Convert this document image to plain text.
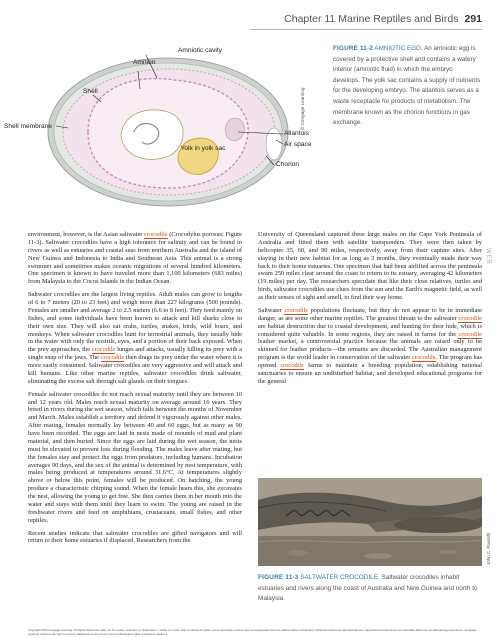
Chapter 11 Marine Reptiles and Birds 291
Amniotic cavity
Amnion
Shell
Shell membrane
Allantois
Air space
Chorion
Yolk in yolk sac
© Cengage Learning

FIGURE 11-2 AMNIOTIC EGG. An amniotic egg is covered by a protective shell and contains a watery interior (amniotic fluid) in which the embryo develops. The yolk sac contains a supply of nutrients for the developing embryo. The allantois serves as a waste receptacle for products of metabolism. The membrane known as the chorion functions in gas exchange.

environment, however, is the Asian saltwater crocodile (Crocodylus porosus; Figure 11-3). Saltwater crocodiles have a high tolerance for salinity and can be found in rivers as well as estuaries and coastal seas from northern Australia and the island of New Guinea and Indonesia to India and Southeast Asia. This animal is a strong swimmer and sometimes makes oceanic migrations of several hundred kilometers. One specimen is known to have traveled more than 1,100 kilometers (683 miles) from Malaysia to the Cocos Islands in the Indian Ocean.

Saltwater crocodiles are the largest living reptiles. Adult males can grow to lengths of 6 to 7 meters (20 to 23 feet) and weigh more than 227 kilograms (500 pounds). Females are smaller and average 2 to 2.5 meters (6.6 to 8 feet). They feed mainly on fishes, and some individuals have been known to attack and kill sharks close to their own size. They will also eat crabs, turtles, snakes, birds, wild boars, and monkeys. When saltwater crocodiles hunt for terrestrial animals, they usually hide in the water with only the nostrils, eyes, and a portion of their back exposed. When the prey approaches, the crocodile lunges and attacks, usually killing its prey with a single snap of the jaws. The crocodile then drags its prey under the water where it is more easily consumed. Saltwater crocodiles are very aggressive and will attack and kill humans. Like other marine reptiles, saltwater crocodiles drink saltwater, eliminating the excess salt through salt glands on their tongues.

Female saltwater crocodiles do not reach sexual maturity until they are between 10 and 12 years old. Males reach sexual maturity on average around 16 years. They breed in rivers during the wet season, which falls between the months of November and March. Males establish a territory and defend it vigorously against other males. After mating, females normally lay between 40 and 60 eggs, but as many as 90 have been recorded. The eggs are laid in nests made of mounds of mud and plant material, and then buried. Since the eggs are laid during the wet season, the nests must be elevated to prevent loss during flooding. The males leave after mating, but the females stay and protect the eggs from predators, including humans. Incubation averages 90 days, and the sex of the animal is determined by nest temperature, with males being produced at temperatures around 31.6°C. At temperatures slightly above or below this point, females will be produced. On hatching, the young produce a characteristic chirping sound. When the female hears this, she excavates the nest, allowing the young to get free. She then carries them in her mouth into the water and stays with them until they learn to swim. The young are raised in the freshwater rivers and feed on amphibians, crustaceans, small fishes, and other reptiles.

Recent studies indicate that saltwater crocodiles are gifted navigators and will return to their home estuaries if displaced. Researchers from the

University of Queensland captured three large males on the Cape York Peninsula of Australia and fitted them with satellite transponders. They were then taken by helicopter 35, 60, and 90 miles, respectively, away from their capture sites. After staying in their new habitat for as long as 3 months, they eventually made their way back to their home estuaries. One specimen that had been airlifted across the peninsula swam 250 miles clear around the coast to return to its estuary, averaging 42 kilometers (19 miles) per day. The researchers speculate that like their close relatives, turtles and birds, saltwater crocodiles use clues from the sun and the Earth's magnetic field, as well as their senses of sight and smell, to find their way home.

Saltwater crocodile populations fluctuate, but they do not appear to be in immediate danger, as are some other marine reptiles. The greatest threats to the saltwater crocodile are habitat destruction due to coastal development, and hunting for their hide, which is considered quite valuable. In some regions, they are raised in farms for the crocodile leather market, a controversial practice because the animals are raised only to be skinned for leather products—the remains are discarded. The Australian management program is the world leader in conservation of the saltwater crocodile. The program has opened crocodile farms to maintain a breeding population, establishing national sanctuaries to ensure an undisturbed habitat, and developed educational programs for the general

John C. Pandolfi

FIGURE 11-3 SALTWATER CROCODILE. Saltwater crocodiles inhabit estuaries and rivers along the coast of Australia and New Guinea and north to Malaysia.

WEB

Copyright 2013 Cengage Learning. All Rights Reserved. May not be copied, scanned, or duplicated, in whole or in part. Due to electronic rights, some third party content may be suppressed from the eBook and/or eChapter(s). Editorial review has deemed that any suppressed content does not materially affect the overall learning experience. Cengage Learning reserves the right to remove additional content at any time if subsequent rights restrictions require it.
